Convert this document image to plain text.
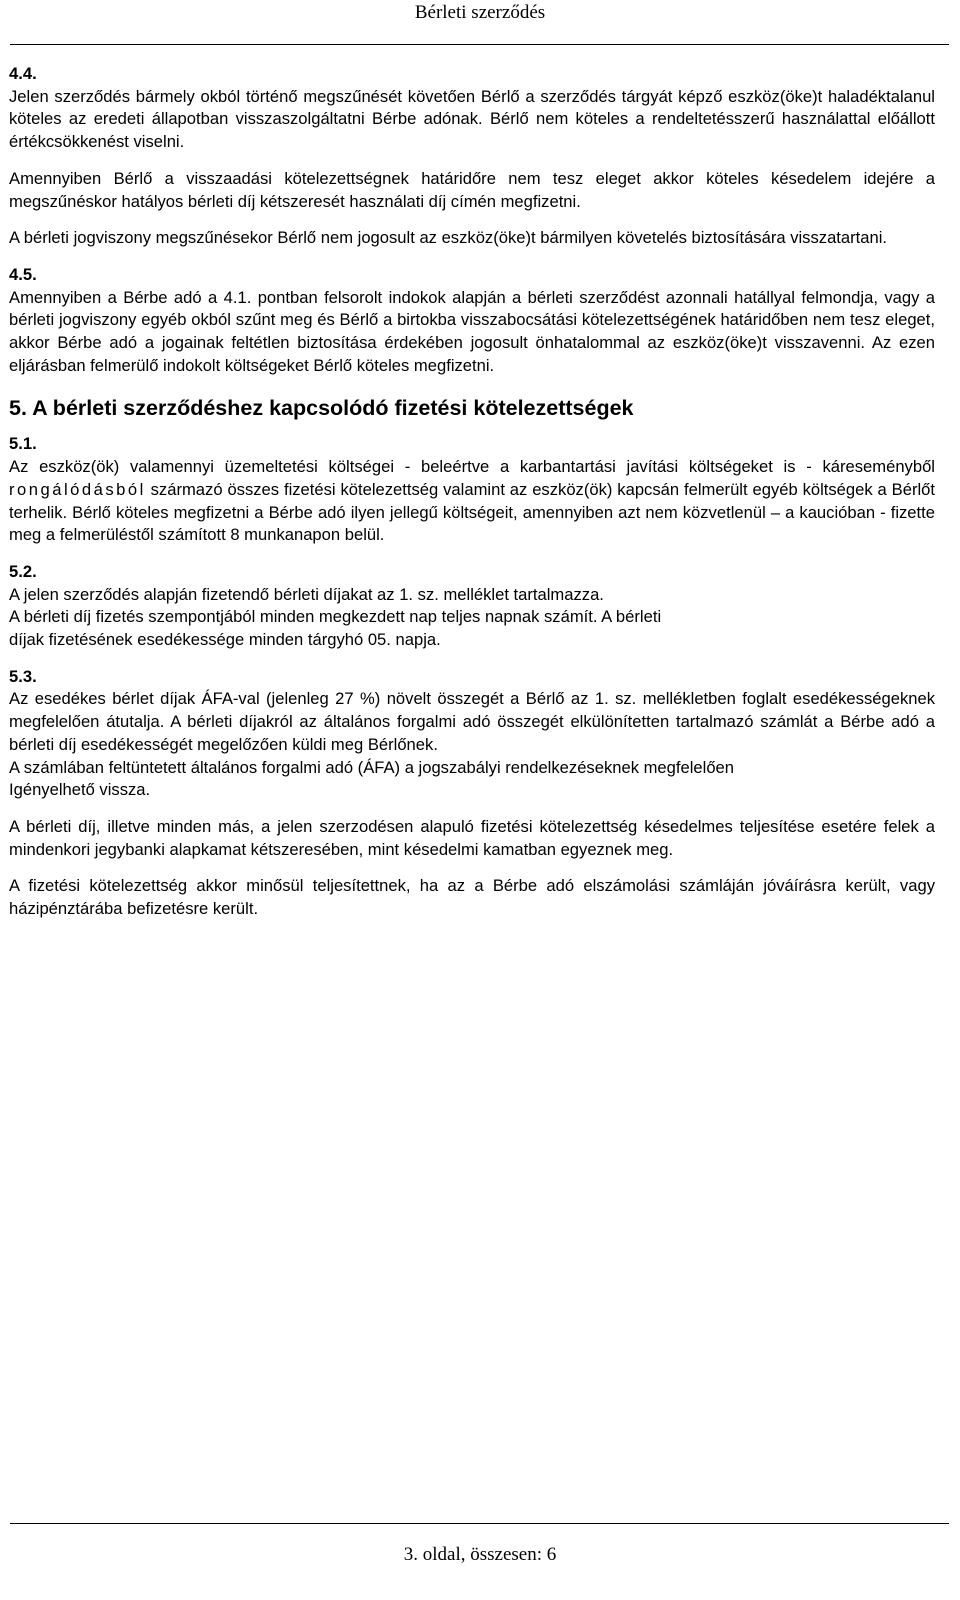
Bérleti szerződés

4.4.

Jelen szerződés bármely okból történő megszűnését követően Bérlő a szerződés tárgyát képző eszköz(öke)t haladéktalanul köteles az eredeti állapotban visszaszolgáltatni Bérbe adónak. Bérlő nem köteles a rendeltetésszerű használattal előállott értékcsökkenést viselni.

Amennyiben Bérlő a visszaadási kötelezettségnek határidőre nem tesz eleget akkor köteles késedelem idejére a megszűnéskor hatályos bérleti díj kétszeresét használati díj címén megfizetni.

A bérleti jogviszony megszűnésekor Bérlő nem jogosult az eszköz(öke)t bármilyen követelés biztosítására visszatartani.

4.5.

Amennyiben a Bérbe adó a 4.1. pontban felsorolt indokok alapján a bérleti szerződést azonnali hatállyal felmondja, vagy a bérleti jogviszony egyéb okból szűnt meg és Bérlő a birtokba visszabocsátási kötelezettségének határidőben nem tesz eleget, akkor Bérbe adó a jogainak feltétlen biztosítása érdekében jogosult önhatalommal az eszköz(öke)t visszavenni. Az ezen eljárásban felmerülő indokolt költségeket Bérlő köteles megfizetni.

5. A bérleti szerződéshez kapcsolódó fizetési kötelezettségek

5.1.

Az eszköz(ök) valamennyi üzemeltetési költségei - beleértve a karbantartási javítási költségeket is - káreseményből rongálódásból származó összes fizetési kötelezettség valamint az eszköz(ök) kapcsán felmerült egyéb költségek a Bérlőt terhelik. Bérlő köteles megfizetni a Bérbe adó ilyen jellegű költségeit, amennyiben azt nem közvetlenül – a kaucióban - fizette meg a felmerüléstől számított 8 munkanapon belül.

5.2.

A jelen szerződés alapján fizetendő bérleti díjakat az 1. sz. melléklet tartalmazza.

A bérleti díj fizetés szempontjából minden megkezdett nap teljes napnak számít. A bérleti

díjak fizetésének esedékessége minden tárgyhó 05. napja.

5.3.

Az esedékes bérlet díjak ÁFA-val (jelenleg 27 %) növelt összegét a Bérlő az 1. sz. mellékletben foglalt esedékességeknek megfelelően átutalja. A bérleti díjakról az általános forgalmi adó összegét elkülönítetten tartalmazó számlát a Bérbe adó a bérleti díj esedékességét megelőzően küldi meg Bérlőnek.

A számlában feltüntetett általános forgalmi adó (ÁFA) a jogszabályi rendelkezéseknek megfelelően

Igényelhető vissza.

A bérleti díj, illetve minden más, a jelen szerzodésen alapuló fizetési kötelezettség késedelmes teljesítése esetére felek a mindenkori jegybanki alapkamat kétszeresében, mint késedelmi kamatban egyeznek meg.

A fizetési kötelezettség akkor minősül teljesítettnek, ha az a Bérbe adó elszámolási számláján jóváírásra került, vagy házipénztárába befizetésre került.

3. oldal, összesen: 6
